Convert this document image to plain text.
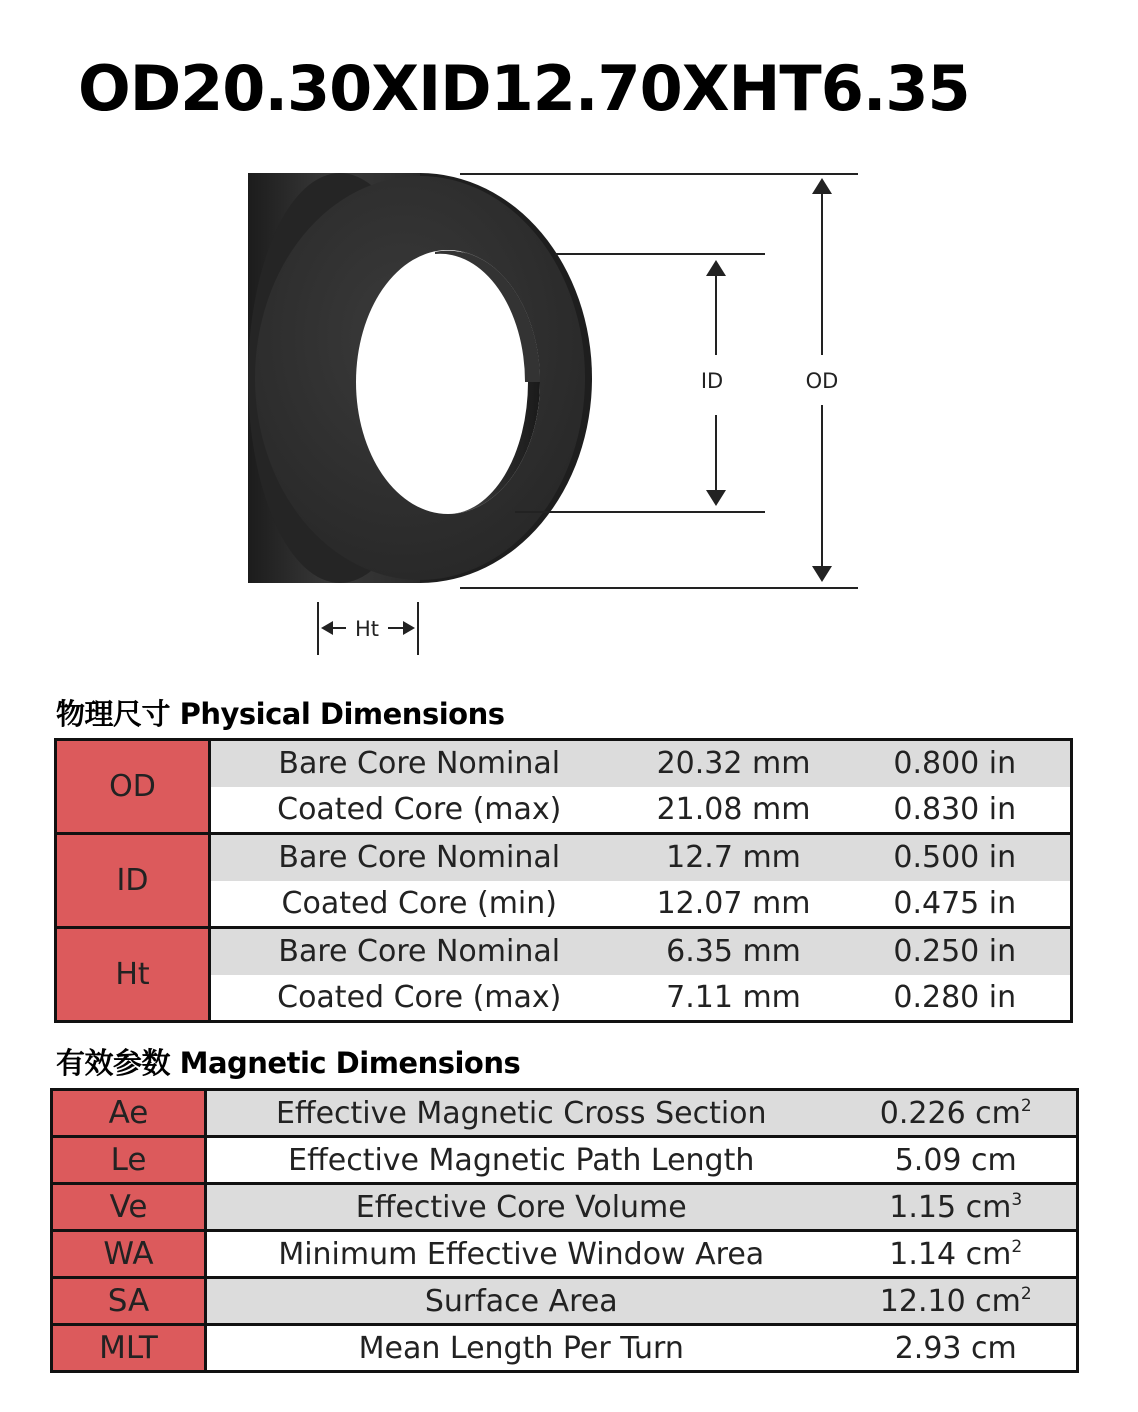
OD20.30XID12.70XHT6.35
OD
ID
Ht
物理尺寸 Physical Dimensions
OD	Bare Core Nominal	20.32 mm	0.800 in
	Coated Core (max)	21.08 mm	0.830 in
ID	Bare Core Nominal	12.7 mm	0.500 in
	Coated Core (min)	12.07 mm	0.475 in
Ht	Bare Core Nominal	6.35 mm	0.250 in
	Coated Core (max)	7.11 mm	0.280 in
有效参数 Magnetic Dimensions
Ae	Effective Magnetic Cross Section	0.226 $cm^2$
Le	Effective Magnetic Path Length	5.09 cm
Ve	Effective Core Volume	1.15 $cm^3$
WA	Minimum Effective Window Area	1.14 $cm^2$
SA	Surface Area	12.10 $cm^2$
MLT	Mean Length Per Turn	2.93 cm
